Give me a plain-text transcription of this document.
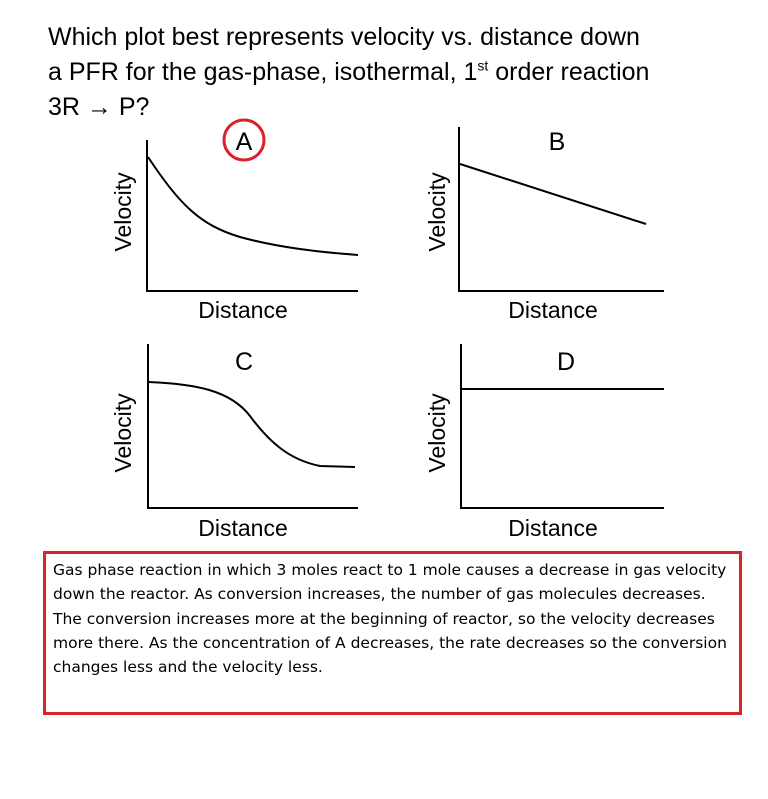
Which plot best represents velocity vs. distance down
a PFR for the gas-phase, isothermal, 1st order reaction
3R → P?
A
Distance
Velocity
B
Distance
Velocity
C
Distance
Velocity
D
Distance
Velocity
Gas phase reaction in which 3 moles react to 1 mole causes a decrease in gas velocity down the reactor. As conversion increases, the number of gas molecules decreases. The conversion increases more at the beginning of reactor, so the velocity decreases more there. As the concentration of A decreases, the rate decreases so the conversion changes less and the velocity less.
